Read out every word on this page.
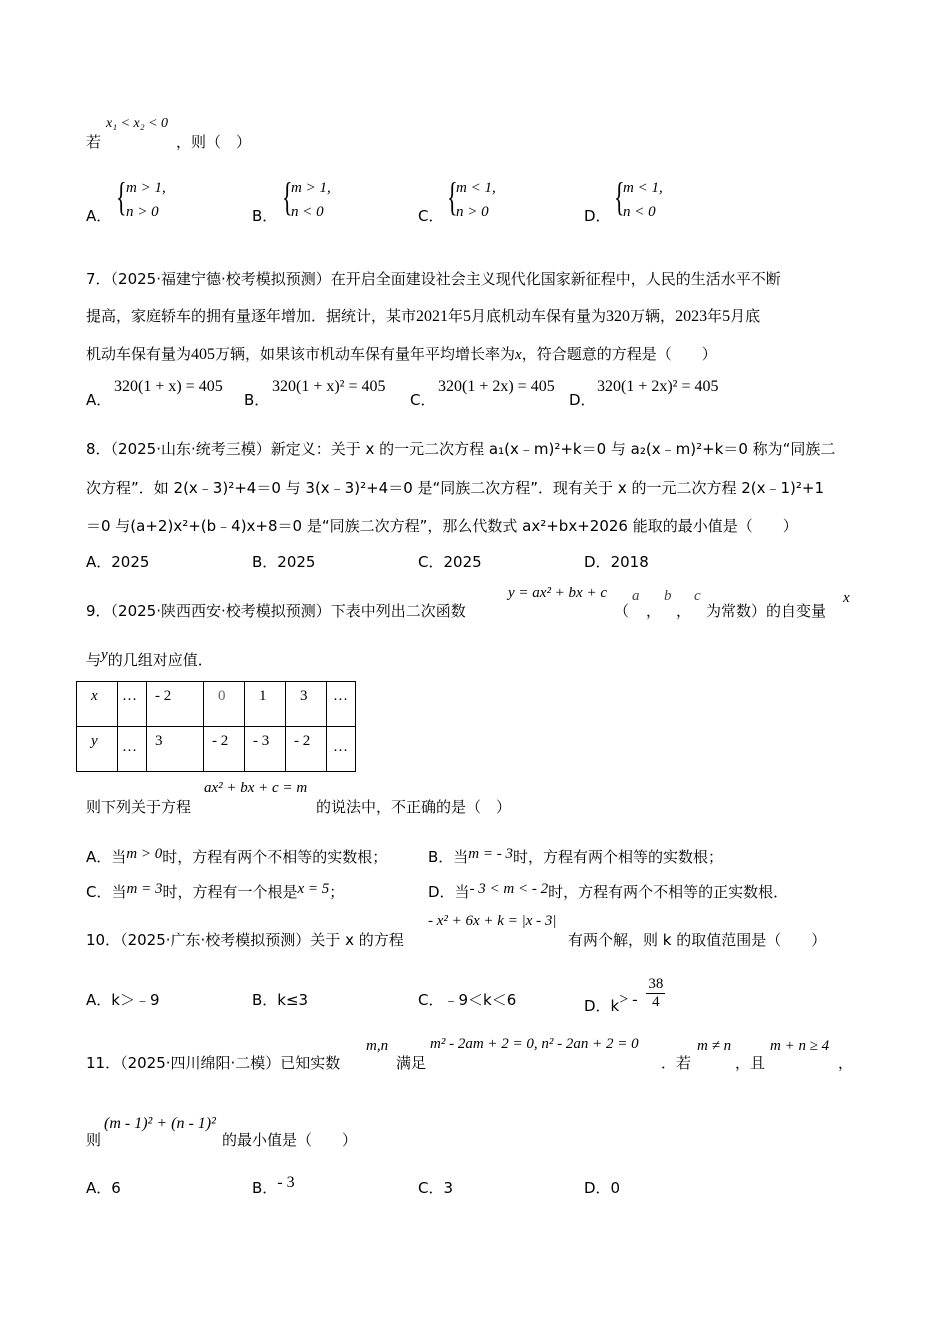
若
x₁ < x₂ < 0
，则（　）
A． { m > 1,
n > 0	B． {
m > 1,
n < 0	C． {
m < 1,
n > 0	D． {
m < 1,
n < 0
7．（2025·福建宁德·校考模拟预测）在开启全面建设社会主义现代化国家新征程中，人民的生活水平不断
提高，家庭轿车的拥有量逐年增加．据统计，某市2021年5月底机动车保有量为320万辆，2023年5月底
机动车保有量为405万辆，如果该市机动车保有量年平均增长率为x，符合题意的方程是（　　）
A．
320(1 + x) = 405
B．
320(1 + x)² = 405
C．
320(1 + 2x) = 405
D．
320(1 + 2x)² = 405
8．（2025·山东·统考三模）新定义：关于 x 的一元二次方程 a₁(x﹣m)²+k＝0 与 a₂(x﹣m)²+k＝0 称为“同族二
次方程”．如 2(x﹣3)²+4＝0 与 3(x﹣3)²+4＝0 是“同族二次方程”．现有关于 x 的一元二次方程 2(x﹣1)²+1
＝0 与(a+2)x²+(b﹣4)x+8＝0 是“同族二次方程”，那么代数式 ax²+bx+2026 能取的最小值是（　　）
A．2025	B．2025	C．2025	D．2018
9．（2025·陕西西安·校考模拟预测）下表中列出二次函数
y = ax² + bx + c
（
a
，
b
，
c
为常数）的自变量
x
与y的几组对应值．
x	…	- 2	0	1	3	…

y	…	3	- 2	- 3	- 2	…
则下列关于方程
ax² + bx + c = m
的说法中，不正确的是（　）
A．当m > 0时，方程有两个不相等的实数根；	B．当m = - 3时，方程有两个相等的实数根；
C．当m = 3时，方程有一个根是x = 5；	D．当- 3 < m < - 2时，方程有两个不相等的正实数根．
10．（2025·广东·校考模拟预测）关于 x 的方程
- x² + 6x + k = |x - 3|
有两个解，则 k 的取值范围是（　　）
A．k＞﹣9	B．k≤3	C．﹣9＜k＜6	D．$k> - \frac{38}{4}$
11．（2025·四川绵阳·二模）已知实数
m,n
满足
m² - 2am + 2 = 0, n² - 2an + 2 = 0
．若
m ≠ n
，且
m + n ≥ 4
，
则
(m - 1)² + (n - 1)²
的最小值是（　　）
A．6	B．- 3	C．3	D．0
